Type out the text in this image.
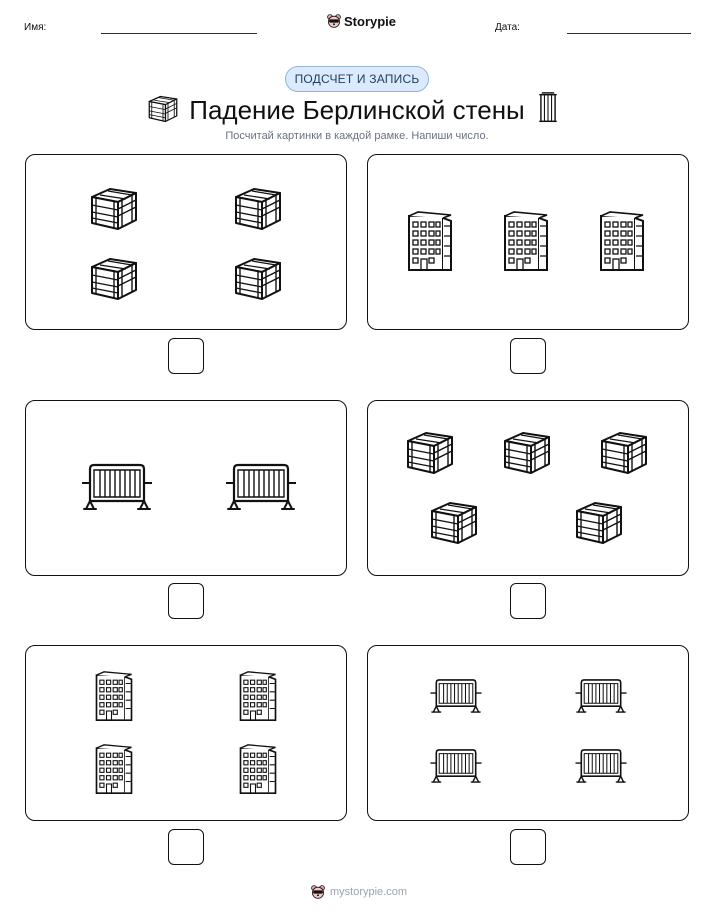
Имя:	Storypie	Дата:
ПОДСЧЕТ И ЗАПИСЬ
Падение Берлинской стены
Посчитай картинки в каждой рамке. Напиши число.
mystorypie.com
